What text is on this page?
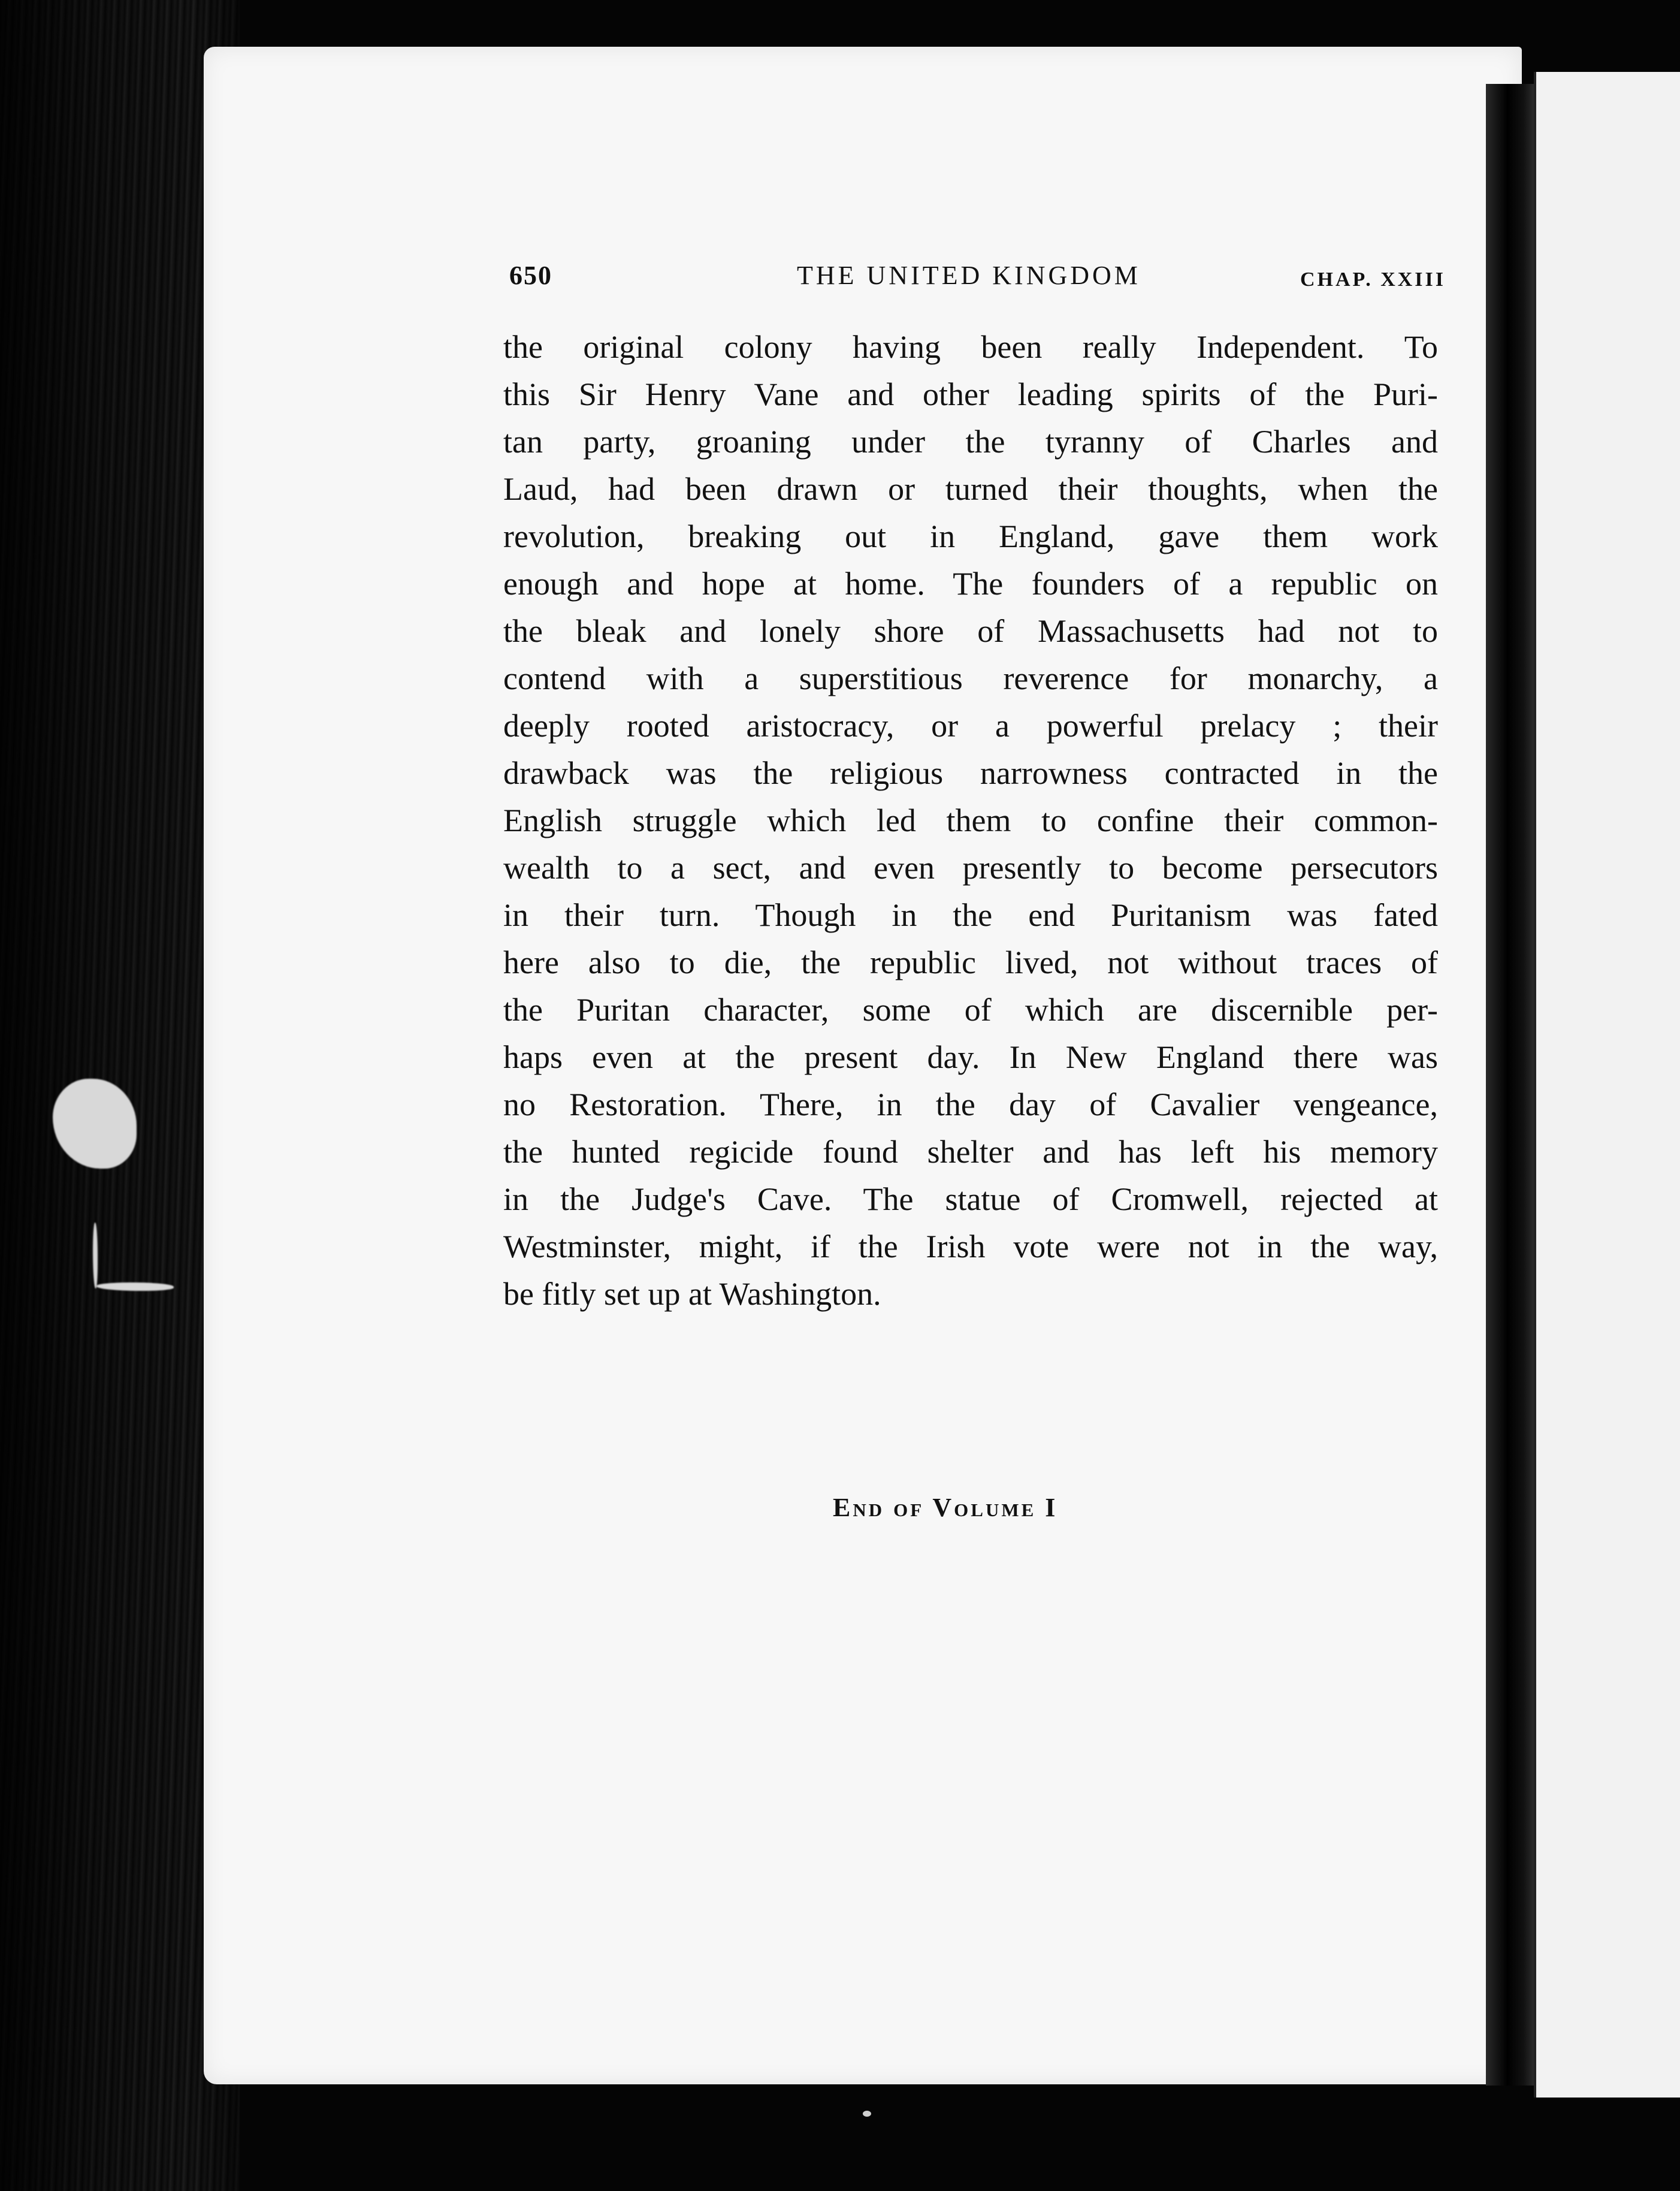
650	THE UNITED KINGDOM	CHAP. XXIII
the original colony having been really Independent. To
this Sir Henry Vane and other leading spirits of the Puri-
tan party, groaning under the tyranny of Charles and
Laud, had been drawn or turned their thoughts, when the
revolution, breaking out in England, gave them work
enough and hope at home. The founders of a republic on
the bleak and lonely shore of Massachusetts had not to
contend with a superstitious reverence for monarchy, a
deeply rooted aristocracy, or a powerful prelacy ; their
drawback was the religious narrowness contracted in the
English struggle which led them to confine their common-
wealth to a sect, and even presently to become persecutors
in their turn. Though in the end Puritanism was fated
here also to die, the republic lived, not without traces of
the Puritan character, some of which are discernible per-
haps even at the present day. In New England there was
no Restoration. There, in the day of Cavalier vengeance,
the hunted regicide found shelter and has left his memory
in the Judge's Cave. The statue of Cromwell, rejected at
Westminster, might, if the Irish vote were not in the way,
be fitly set up at Washington.
End of Volume I
